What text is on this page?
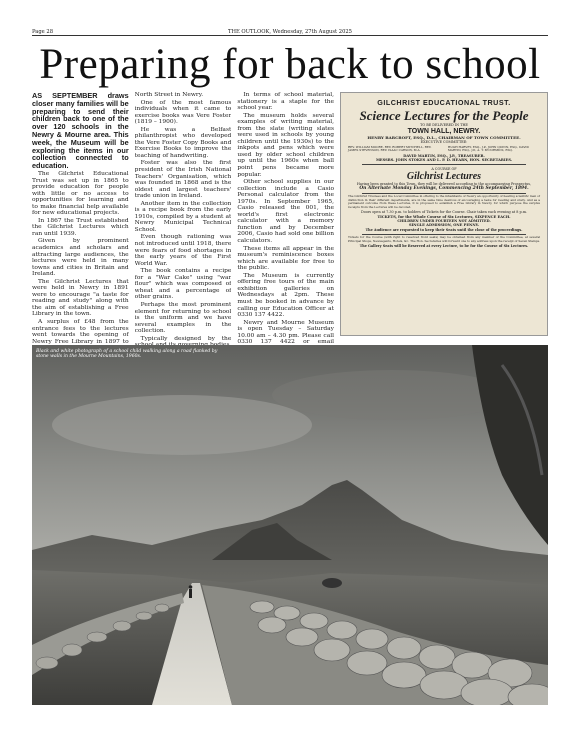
Page 28	THE OUTLOOK, Wednesday, 27th August 2025
Preparing for back to school

AS SEPTEMBER draws closer many families will be preparing to send their children back to one of the over 120 schools in the Newry & Mourne area. This week, the Museum will be exploring the items in our collection connected to education.

The Gilchrist Educational Trust was set up in 1865 to provide education for people with little or no access to opportunities for learning and to make financial help available for new educational projects.

In 1867 the Trust established the Gilchrist Lectures which ran until 1939.

Given by prominent academics and scholars and attracting large audiences, the lectures were held in many towns and cities in Britain and Ireland.

The Gilchrist Lectures that were held in Newry in 1891 were to encourage "a taste for reading and study" along with the aim of establishing a Free Library in the town.

A surplus of £48 from the entrance fees to the lectures went towards the opening of Newry Free Library in 1897 to

North Street in Newry.

One of the most famous individuals when it came to exercise books was Vere Foster (1819 – 1900).

He was a Belfast philanthropist who developed the Vere Foster Copy Books and Exercise Books to improve the teaching of handwriting.

Foster was also the first president of the Irish National Teachers' Organisation, which was founded in 1868 and is the oldest and largest teachers' trade union in Ireland.

Another item in the collection is a recipe book from the early 1910s, compiled by a student at Newry Municipal Technical School.

Even though rationing was not introduced until 1918, there were fears of food shortages in the early years of the First World War.

The book contains a recipe for a "War Cake" using "war flour" which was composed of wheat and a percentage of other grains.

Perhaps the most prominent element for returning to school is the uniform and we have several examples in the collection.

Typically designed by the

In terms of school material, stationery is a staple for the school year.

The museum holds several examples of writing material, from the slate (writing slates were used in schools by young children until the 1930s) to the inkpots and pens which were used by older school children up until the 1960s when ball point pens became more popular.

Other school supplies in our collection include a Casio Personal calculator from the 1970s. In September 1965, Casio released the 001, the world's first electronic calculator with a memory function and by December 2006, Casio had sold one billion calculators.

These items all appear in the museum's reminiscence boxes which are available for free to the public.

The Museum is currently offering free tours of the main exhibition galleries on Wednesdays at 2pm. These must be booked in advance by calling our Education Officer at 0330 137 4422.

Newry and Mourne Museum is open Tuesday – Saturday 10.00 am – 4.30 pm. Please call 0330 137 4422 or email

GILCHRIST EDUCATIONAL TRUST.
Science Lectures for the People
TO BE DELIVERED IN THE
TOWN HALL, NEWRY.
HENRY BARCROFT, ESQ., D.L., CHAIRMAN OF TOWN COMMITTEE.
EXECUTIVE COMMITTEE:
REV. WILLIAM MOORE, REV. ROBERT MITCHELL, REV. JAMES STEVENSON, REV. ISAAC CARSON, M.A.
HUGH HARVEY, ESQ., J.P., JOHN QUINN, ESQ., DAVID MARTIN, ESQ., J.P., A. T. M'CORMICK, ESQ.
DAVID MARTIN, ESQ., J.P., TREASURER.
MESSRS. JOHN STOKES AND L. P. D. HEARN, HON. SECRETARIES.
A COURSE OF
Gilchrist Lectures
Having been granted to this Town, they will be delivered according to the accompanying Prospectus,
On Alternate Monday Evenings, Commencing 24th September, 1894.
The Gilchrist Trustees and the Local Committee in offering to the inhabitants of Newry an opportunity of hearing scientific men of distinction in their different departments, are in the same time desirous of encouraging a taste for reading and study. And as a permanent outcome from these Lectures, it is proposed to establish a Free Library in Newry, for which purpose the surplus receipts from the Lectures will be devoted.
Doors open at 7.30 p.m. to holders of Tickets for the Course. Chair taken each evening at 8 p.m.
TICKETS, for the Whole Course of Six Lectures, SIXPENCE EACH.
CHILDREN UNDER FOURTEEN NOT ADMITTED.
SINGLE ADMISSION, ONE PENNY.
The Audience are requested to keep their Seats until the close of the proceedings.
Tickets for the Course (with right to reserved front seats) may be obtained from any member of the Committee, at several Principal Shops, Newsagents, Hotels, &c. The Hon. Secretaries will forward one to any address upon the receipt of Seven Stamps.
The Gallery Seats will be Reserved at every Lecture, to be for the Course of Six Lectures.
Black and white photograph of a school child walking along a road flanked by stone walls in the Mourne Mountains, 1960s.
